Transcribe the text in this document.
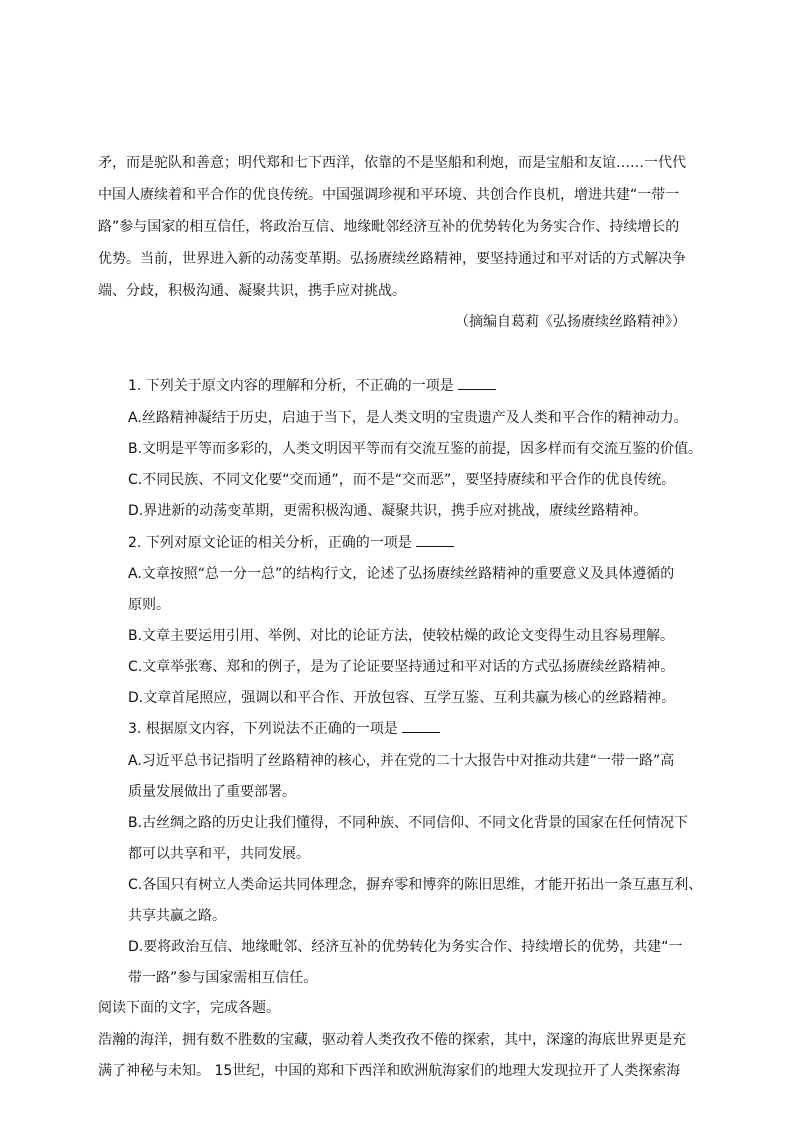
矛，而是驼队和善意；明代郑和七下西洋，依靠的不是坚船和利炮，而是宝船和友谊……一代代
中国人赓续着和平合作的优良传统。中国强调珍视和平环境、共创合作良机，增进共建“一带一
路”参与国家的相互信任，将政治互信、地缘毗邻经济互补的优势转化为务实合作、持续增长的
优势。当前，世界进入新的动荡变革期。弘扬赓续丝路精神，要坚持通过和平对话的方式解决争
端、分歧，积极沟通、凝聚共识，携手应对挑战。
（摘编自葛莉《弘扬赓续丝路精神》）
1. 下列关于原文内容的理解和分析，不正确的一项是
A.丝路精神凝结于历史，启迪于当下，是人类文明的宝贵遗产及人类和平合作的精神动力。
B.文明是平等而多彩的，人类文明因平等而有交流互鉴的前提，因多样而有交流互鉴的价值。
C.不同民族、不同文化要“交而通”，而不是“交而恶”，要坚持赓续和平合作的优良传统。
D.界进新的动荡变革期，更需积极沟通、凝聚共识，携手应对挑战，赓续丝路精神。
2. 下列对原文论证的相关分析，正确的一项是
A.文章按照“总一分一总”的结构行文，论述了弘扬赓续丝路精神的重要意义及具体遵循的
原则。
B.文章主要运用引用、举例、对比的论证方法，使较枯燥的政论文变得生动且容易理解。
C.文章举张骞、郑和的例子，是为了论证要坚持通过和平对话的方式弘扬赓续丝路精神。
D.文章首尾照应，强调以和平合作、开放包容、互学互鉴、互利共赢为核心的丝路精神。
3. 根据原文内容，下列说法不正确的一项是
A.习近平总书记指明了丝路精神的核心，并在党的二十大报告中对推动共建“一带一路”高
质量发展做出了重要部署。
B.古丝绸之路的历史让我们懂得，不同种族、不同信仰、不同文化背景的国家在任何情况下
都可以共享和平，共同发展。
C.各国只有树立人类命运共同体理念，摒弃零和博弈的陈旧思维，才能开拓出一条互惠互利、
共享共赢之路。
D.要将政治互信、地缘毗邻、经济互补的优势转化为务实合作、持续增长的优势，共建“一
带一路”参与国家需相互信任。
阅读下面的文字，完成各题。
浩瀚的海洋，拥有数不胜数的宝藏，驱动着人类孜孜不倦的探索，其中，深邃的海底世界更是充
满了神秘与未知。 15世纪，中国的郑和下西洋和欧洲航海家们的地理大发现拉开了人类探索海
